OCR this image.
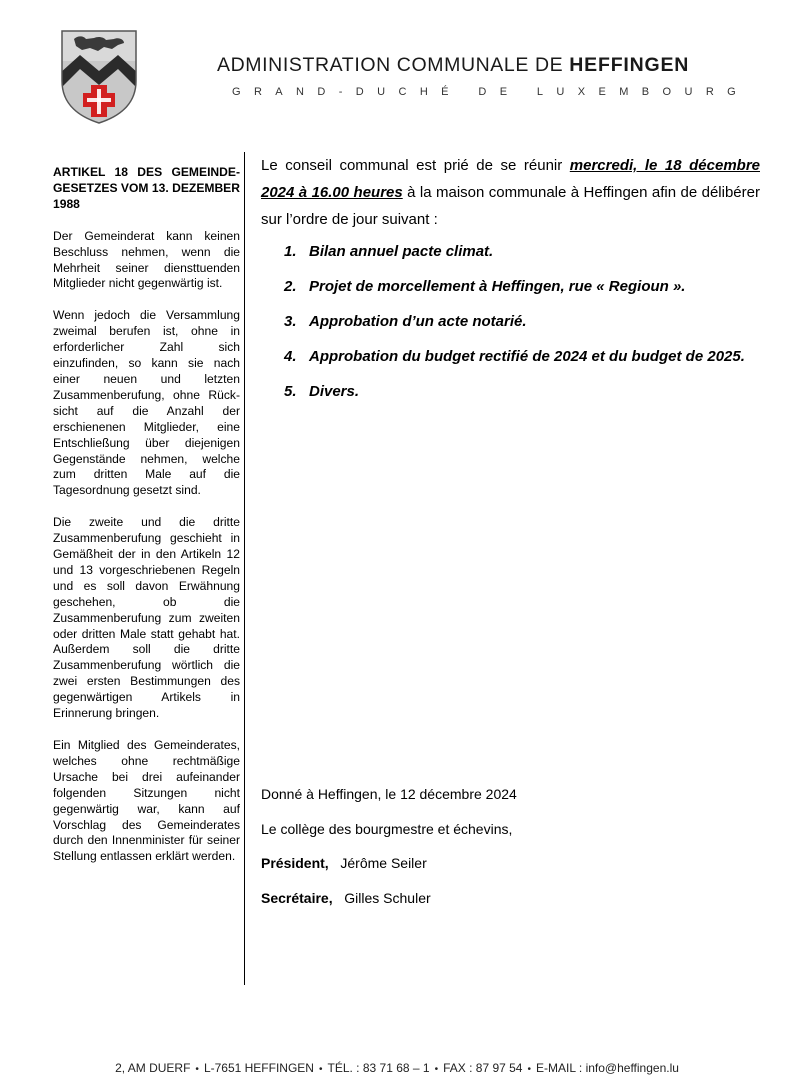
ADMINISTRATION COMMUNALE DE HEFFINGEN
GRAND-DUCHÉ DE LUXEMBOURG

ARTIKEL 18 DES GEMEINDE-GESETZES VOM 13. DEZEMBER 1988

Der Gemeinderat kann keinen Beschluss nehmen, wenn die Mehrheit seiner diensttuenden Mitglieder nicht gegenwärtig ist.

Wenn jedoch die Versammlung zweimal berufen ist, ohne in erforderlicher Zahl sich einzufinden, so kann sie nach einer neuen und letzten Zusammenberufung, ohne Rück-sicht auf die Anzahl der erschienenen Mitglieder, eine Entschließung über diejenigen Gegenstände nehmen, welche zum dritten Male auf die Tagesordnung gesetzt sind.

Die zweite und die dritte Zusammenberufung geschieht in Gemäßheit der in den Artikeln 12 und 13 vorgeschriebenen Regeln und es soll davon Erwähnung geschehen, ob die Zusammenberufung zum zweiten oder dritten Male statt gehabt hat. Außerdem soll die dritte Zusammenberufung wörtlich die zwei ersten Bestimmungen des gegenwärtigen Artikels in Erinnerung bringen.

Ein Mitglied des Gemeinderates, welches ohne rechtmäßige Ursache bei drei aufeinander folgenden Sitzungen nicht gegenwärtig war, kann auf Vorschlag des Gemeinderates durch den Innenminister für seiner Stellung entlassen erklärt werden.

Le conseil communal est prié de se réunir mercredi, le 18 décembre 2024 à 16.00 heures à la maison communale à Heffingen afin de délibérer sur l’ordre de jour suivant :

1. Bilan annuel pacte climat.
2. Projet de morcellement à Heffingen, rue « Regioun ».
3. Approbation d’un acte notarié.
4. Approbation du budget rectifié de 2024 et du budget de 2025.
5. Divers.
Donné à Heffingen, le 12 décembre 2024
Le collège des bourgmestre et échevins,
Président, Jérôme Seiler
Secrétaire, Gilles Schuler
2, AM DUERF • L-7651 HEFFINGEN • TÉL. : 83 71 68 – 1 • FAX : 87 97 54 • E-MAIL : info@heffingen.lu
